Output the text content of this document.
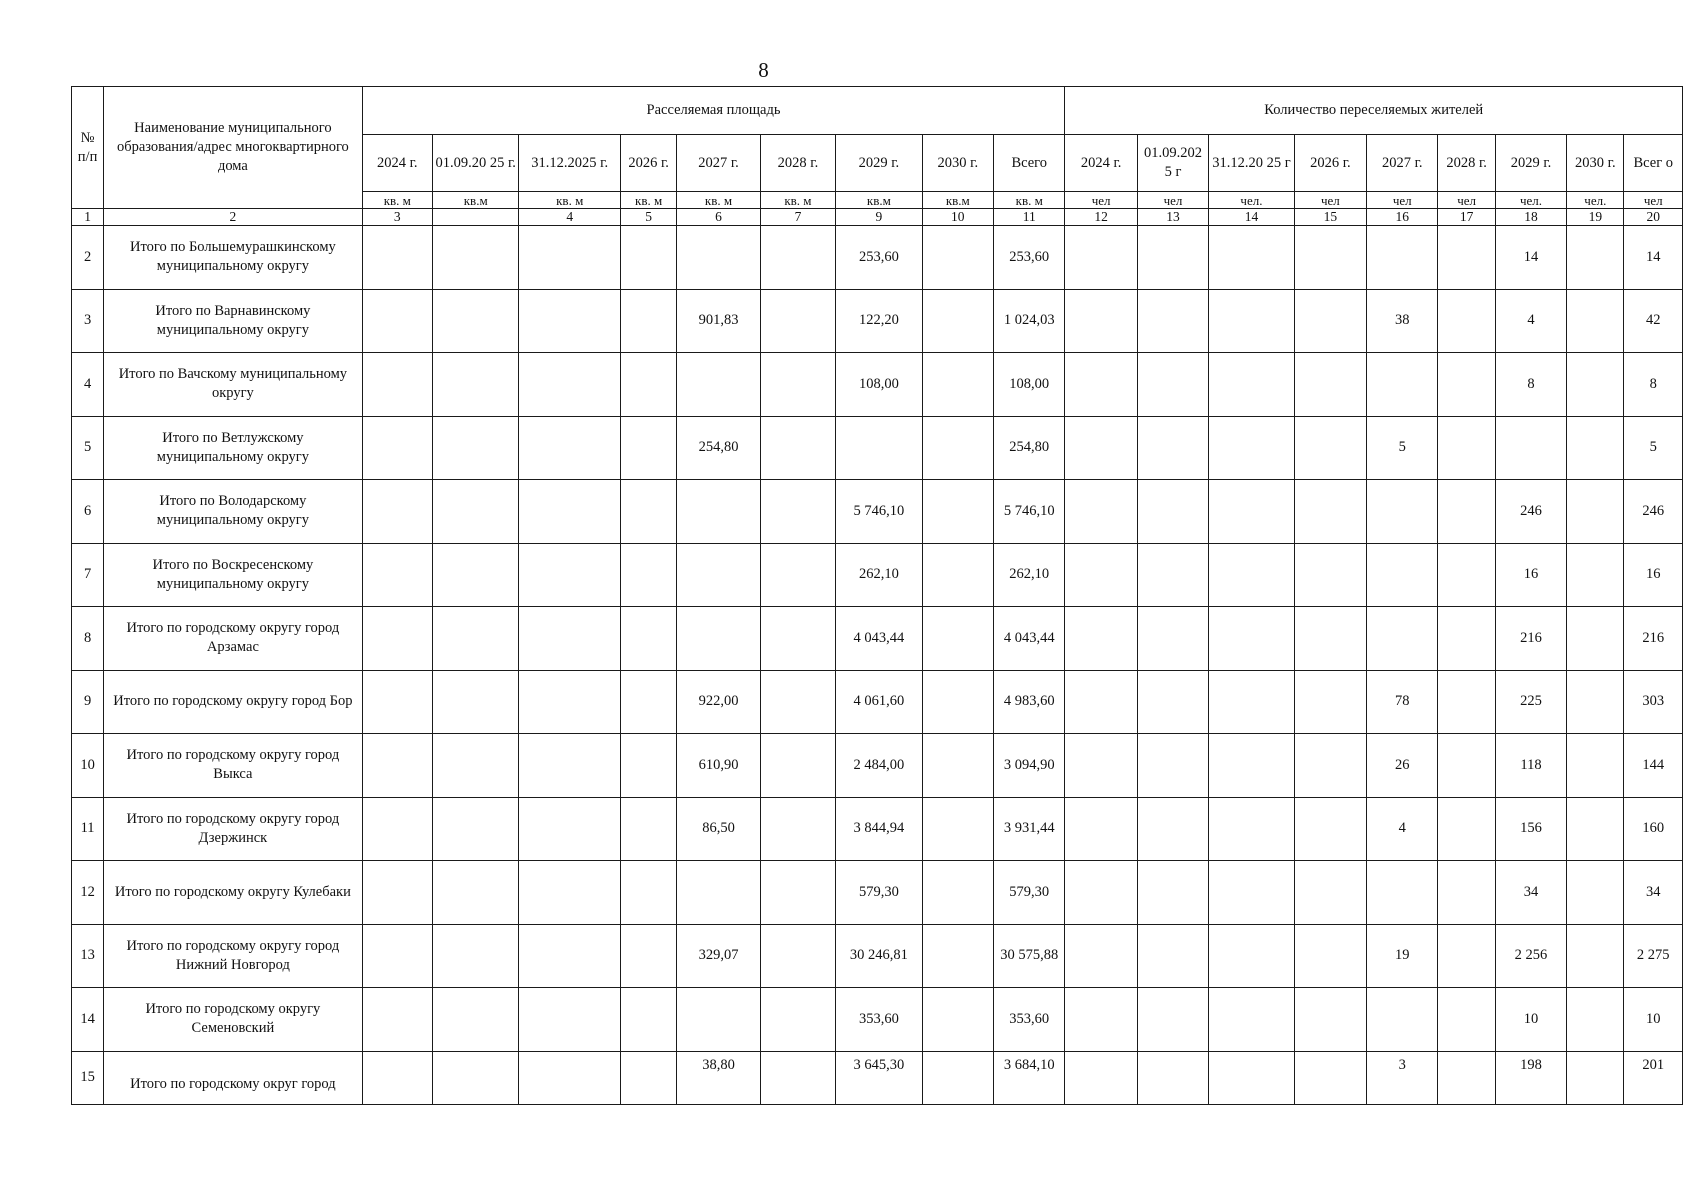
8
№ п/п	Наименование муниципального образования/адрес многоквартирного дома	Расселяемая площадь									Количество переселяемых жителей								
		2024 г.	01.09.20 25 г.	31.12.2025 г.	2026 г.	2027 г.	2028 г.	2029 г.	2030 г.	Всего	2024 г.	01.09.202 5 г	31.12.20 25 г	2026 г.	2027 г.	2028 г.	2029 г.	2030 г.	Всег о
		кв. м	кв.м	кв. м	кв. м	кв. м	кв. м	кв.м	кв.м	кв. м	чел	чел	чел.	чел	чел	чел	чел.	чел.	чел
1	2	3		4	5	6	7	9	10	11	12	13	14	15	16	17	18	19	20
2	Итого по Большемурашкинскому муниципальному округу							253,60		253,60							14		14
3	Итого по Варнавинскому муниципальному округу					901,83		122,20		1 024,03					38		4		42
4	Итого по Вачскому муниципальному округу							108,00		108,00							8		8
5	Итого по Ветлужскому муниципальному округу					254,80				254,80					5				5
6	Итого по Володарскому муниципальному округу							5 746,10		5 746,10							246		246
7	Итого по Воскресенскому муниципальному округу							262,10		262,10							16		16
8	Итого по городскому округу город Арзамас							4 043,44		4 043,44							216		216
9	Итого по городскому округу город Бор					922,00		4 061,60		4 983,60					78		225		303
10	Итого по городскому округу город Выкса					610,90		2 484,00		3 094,90					26		118		144
11	Итого по городскому округу город Дзержинск					86,50		3 844,94		3 931,44					4		156		160
12	Итого по городскому округу Кулебаки							579,30		579,30							34		34
13	Итого по городскому округу город Нижний Новгород					329,07		30 246,81		30 575,88					19		2 256		2 275
14	Итого по городскому округу Семеновский							353,60		353,60							10		10
15	Итого по городскому округ город					38,80		3 645,30		3 684,10					3		198		201
